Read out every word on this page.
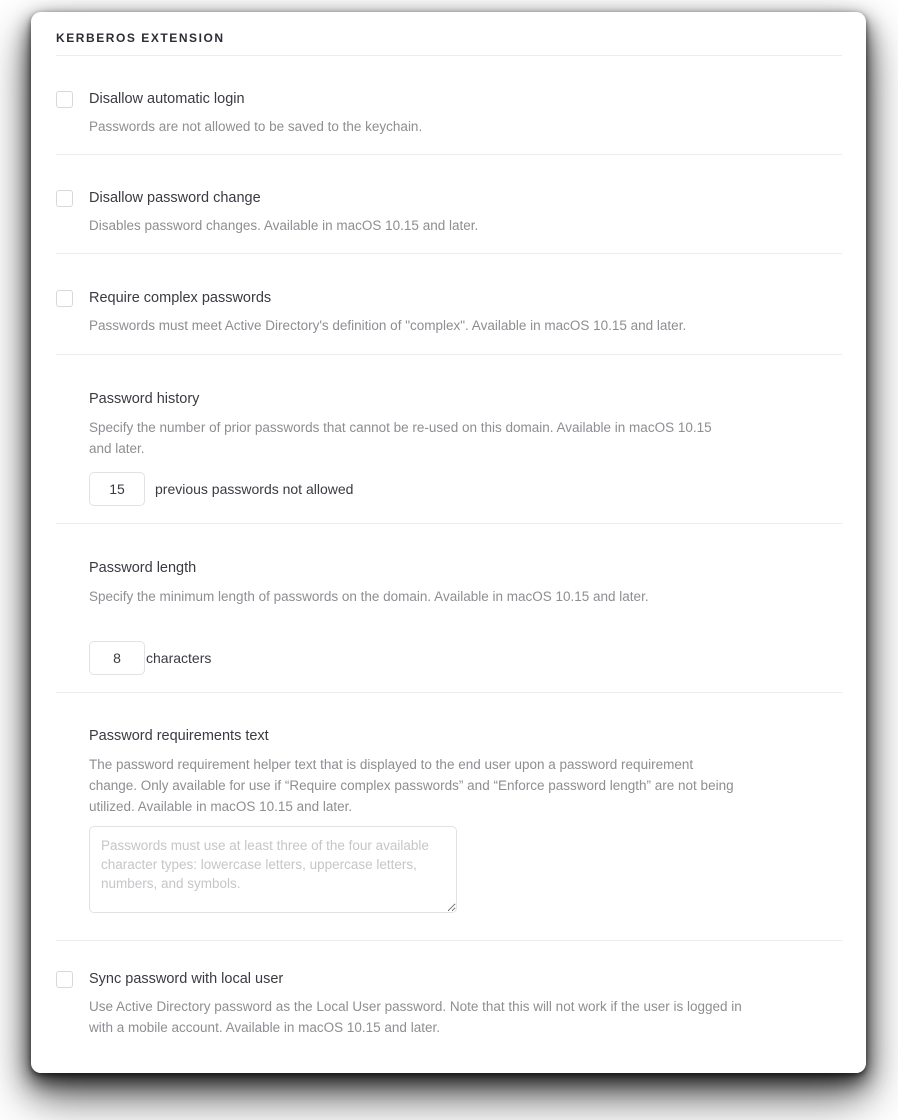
KERBEROS EXTENSION
Disallow automatic login
Passwords are not allowed to be saved to the keychain.
Disallow password change
Disables password changes. Available in macOS 10.15 and later.
Require complex passwords
Passwords must meet Active Directory's definition of "complex". Available in macOS 10.15 and later.
Password history
Specify the number of prior passwords that cannot be re-used on this domain. Available in macOS 10.15 and later.
15
previous passwords not allowed
Password length
Specify the minimum length of passwords on the domain. Available in macOS 10.15 and later.
8
characters
Password requirements text
The password requirement helper text that is displayed to the end user upon a password requirement change. Only available for use if “Require complex passwords” and “Enforce password length” are not being utilized. Available in macOS 10.15 and later.
Passwords must use at least three of the four available character types: lowercase letters, uppercase letters, numbers, and symbols.
Sync password with local user
Use Active Directory password as the Local User password. Note that this will not work if the user is logged in with a mobile account. Available in macOS 10.15 and later.
